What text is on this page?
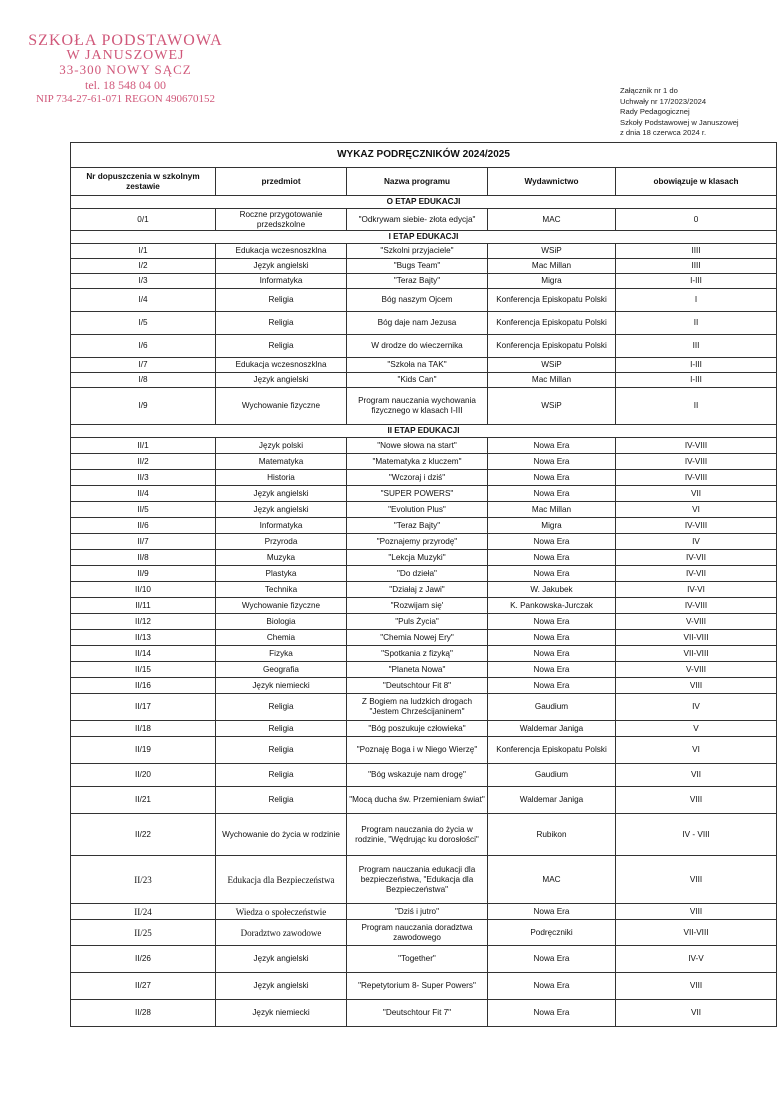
SZKOŁA PODSTAWOWA
W JANUSZOWEJ
33-300 NOWY SĄCZ
tel. 18 548 04 00
NIP 734-27-61-071 REGON 490670152
Załącznik nr 1 do
Uchwały nr 17/2023/2024
Rady Pedagogicznej
Szkoły Podstawowej w Januszowej
z dnia 18 czerwca 2024 r.
WYKAZ PODRĘCZNIKÓW 2024/2025				
Nr dopuszczenia w szkolnym zestawie	przedmiot	Nazwa programu	Wydawnictwo	obowiązuje w klasach
O ETAP EDUKACJI				
0/1	Roczne przygotowanie przedszkolne	"Odkrywam siebie- złota edycja"	MAC	0
I ETAP EDUKACJI				
I/1	Edukacja wczesnoszklna	"Szkolni przyjaciele"	WSiP	IIII
I/2	Język angielski	"Bugs Team"	Mac Millan	IIII
I/3	Informatyka	"Teraz Bajty"	Migra	I-III
I/4	Religia	Bóg naszym Ojcem	Konferencja Episkopatu Polski	I
I/5	Religia	Bóg daje nam Jezusa	Konferencja Episkopatu Polski	II
I/6	Religia	W drodze do wieczernika	Konferencja Episkopatu Polski	III
I/7	Edukacja wczesnoszklna	"Szkoła na TAK"	WSiP	I-III
I/8	Język angielski	"Kids Can"	Mac Millan	I-III
I/9	Wychowanie fizyczne	Program nauczania wychowania fizycznego w klasach I-III	WSiP	II
II ETAP EDUKACJI				
II/1	Język polski	"Nowe słowa na start"	Nowa Era	IV-VIII
II/2	Matematyka	"Matematyka z kluczem"	Nowa Era	IV-VIII
II/3	Historia	"Wczoraj i dziś"	Nowa Era	IV-VIII
II/4	Język angielski	"SUPER POWERS"	Nowa Era	VII
II/5	Język angielski	"Evolution Plus"	Mac Millan	VI
II/6	Informatyka	"Teraz Bajty"	Migra	IV-VIII
II/7	Przyroda	"Poznajemy przyrodę"	Nowa Era	IV
II/8	Muzyka	"Lekcja Muzyki"	Nowa Era	IV-VII
II/9	Plastyka	"Do dzieła"	Nowa Era	IV-VII
II/10	Technika	"Działaj z Jawi"	W. Jakubek	IV-VI
II/11	Wychowanie fizyczne	"Rozwijam się'	K. Pankowska-Jurczak	IV-VIII
II/12	Biologia	"Puls Życia"	Nowa Era	V-VIII
II/13	Chemia	"Chemia Nowej Ery"	Nowa Era	VII-VIII
II/14	Fizyka	"Spotkania z fizyką"	Nowa Era	VII-VIII
II/15	Geografia	"Planeta Nowa"	Nowa Era	V-VIII
II/16	Język niemiecki	"Deutschtour Fit 8"	Nowa Era	VIII
II/17	Religia	Z Bogiem na ludzkich drogach "Jestem Chrześcijaninem"	Gaudium	IV
II/18	Religia	"Bóg poszukuje człowieka"	Waldemar Janiga	V
II/19	Religia	"Poznaję Boga i w Niego Wierzę"	Konferencja Episkopatu Polski	VI
II/20	Religia	"Bóg wskazuje nam drogę"	Gaudium	VII
II/21	Religia	"Mocą ducha św. Przemieniam świat"	Waldemar Janiga	VIII
II/22	Wychowanie do życia w rodzinie	Program nauczania do życia w rodzinie, "Wędrując ku dorosłości"	Rubikon	IV - VIII
II/23	Edukacja dla Bezpieczeństwa	Program nauczania edukacji dla bezpieczeństwa, "Edukacja dla Bezpieczeństwa"	MAC	VIII
II/24	Wiedza o społeczeństwie	"Dziś i jutro"	Nowa Era	VIII
II/25	Doradztwo zawodowe	Program nauczania doradztwa zawodowego	Podręczniki	VII-VIII
II/26	Język angielski	"Together"	Nowa Era	IV-V
II/27	Język angielski	"Repetytorium 8- Super Powers"	Nowa Era	VIII
II/28	Język niemiecki	"Deutschtour Fit 7"	Nowa Era	VII
